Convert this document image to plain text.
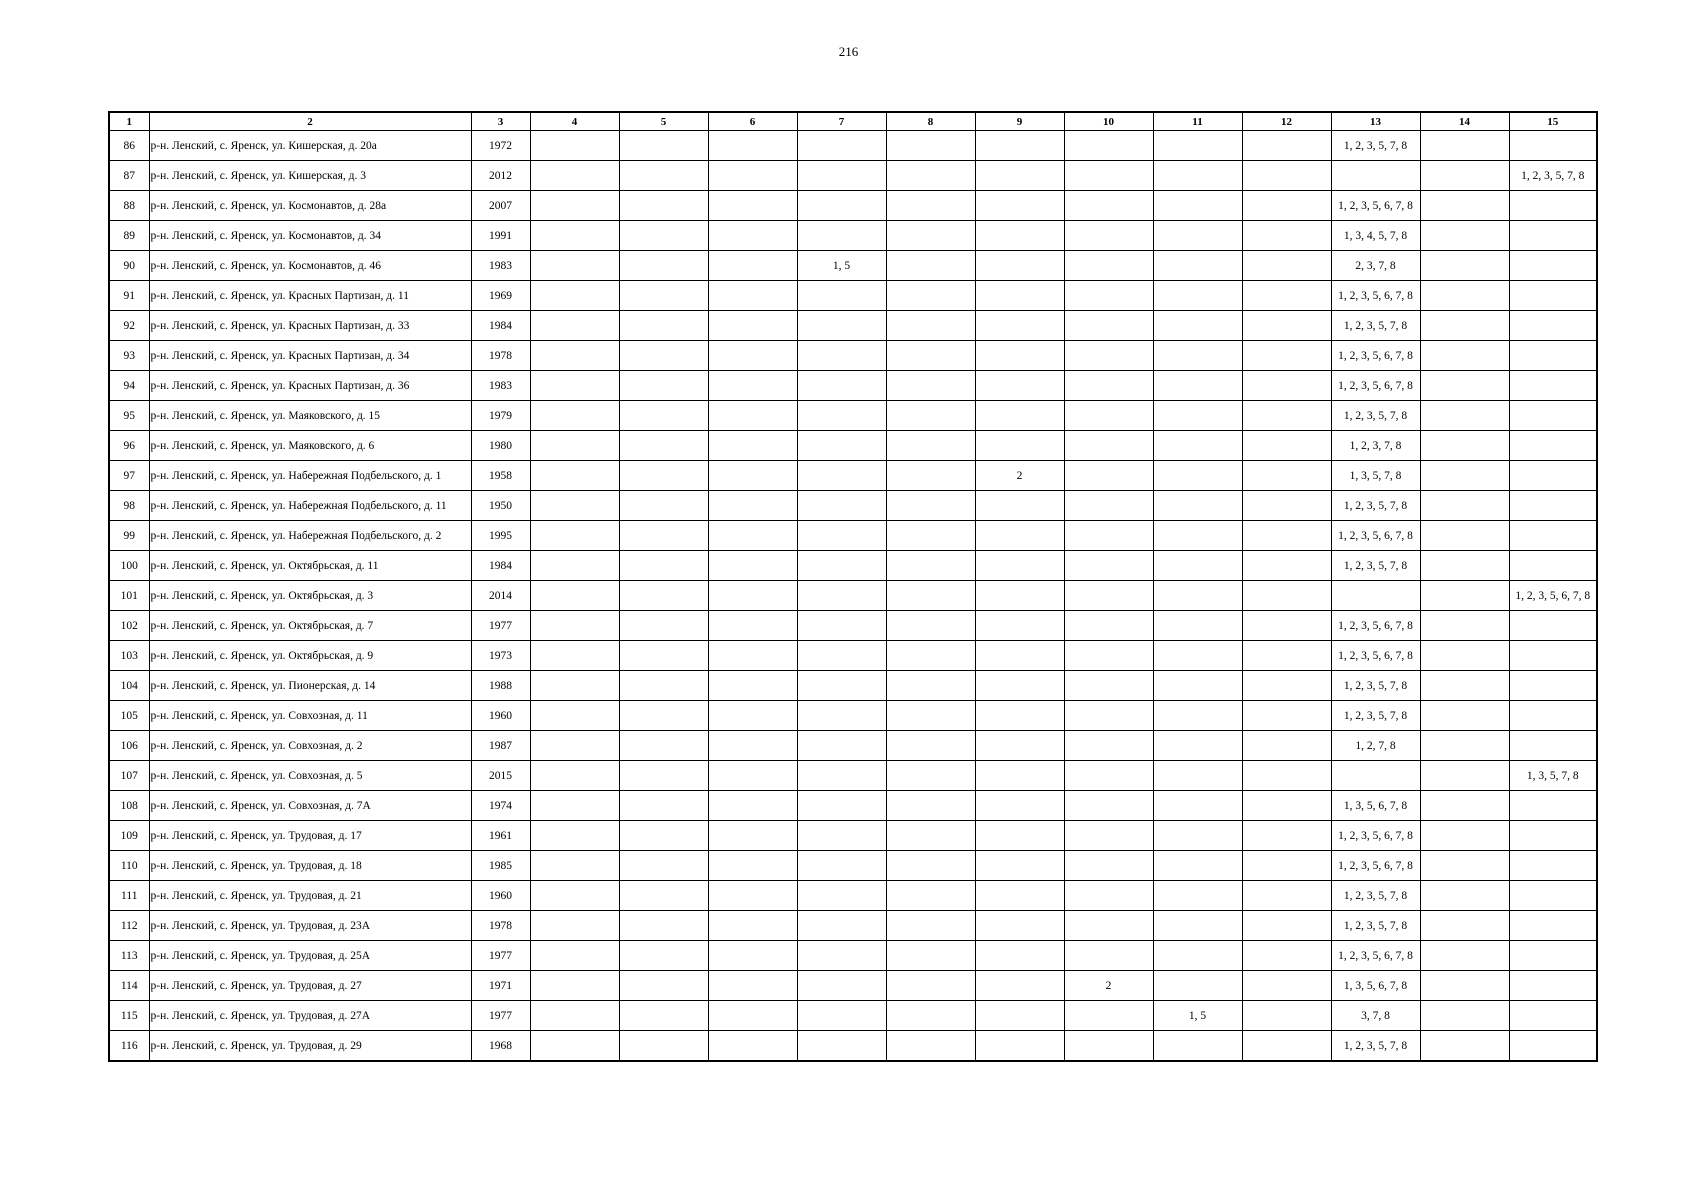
216
1	2	3	4	5	6	7	8	9	10	11	12	13	14	15
86	р-н. Ленский, с. Яренск, ул. Кишерская, д. 20а	1972										1, 2, 3, 5, 7, 8		
87	р-н. Ленский, с. Яренск, ул. Кишерская, д. 3	2012												1, 2, 3, 5, 7, 8
88	р-н. Ленский, с. Яренск, ул. Космонавтов, д. 28а	2007										1, 2, 3, 5, 6, 7, 8		
89	р-н. Ленский, с. Яренск, ул. Космонавтов, д. 34	1991										1, 3, 4, 5, 7, 8		
90	р-н. Ленский, с. Яренск, ул. Космонавтов, д. 46	1983				1, 5						2, 3, 7, 8		
91	р-н. Ленский, с. Яренск, ул. Красных Партизан, д. 11	1969										1, 2, 3, 5, 6, 7, 8		
92	р-н. Ленский, с. Яренск, ул. Красных Партизан, д. 33	1984										1, 2, 3, 5, 7, 8		
93	р-н. Ленский, с. Яренск, ул. Красных Партизан, д. 34	1978										1, 2, 3, 5, 6, 7, 8		
94	р-н. Ленский, с. Яренск, ул. Красных Партизан, д. 36	1983										1, 2, 3, 5, 6, 7, 8		
95	р-н. Ленский, с. Яренск, ул. Маяковского, д. 15	1979										1, 2, 3, 5, 7, 8		
96	р-н. Ленский, с. Яренск, ул. Маяковского, д. 6	1980										1, 2, 3, 7, 8		
97	р-н. Ленский, с. Яренск, ул. Набережная Подбельского, д. 1	1958						2				1, 3, 5, 7, 8		
98	р-н. Ленский, с. Яренск, ул. Набережная Подбельского, д. 11	1950										1, 2, 3, 5, 7, 8		
99	р-н. Ленский, с. Яренск, ул. Набережная Подбельского, д. 2	1995										1, 2, 3, 5, 6, 7, 8		
100	р-н. Ленский, с. Яренск, ул. Октябрьская, д. 11	1984										1, 2, 3, 5, 7, 8		
101	р-н. Ленский, с. Яренск, ул. Октябрьская, д. 3	2014												1, 2, 3, 5, 6, 7, 8
102	р-н. Ленский, с. Яренск, ул. Октябрьская, д. 7	1977										1, 2, 3, 5, 6, 7, 8		
103	р-н. Ленский, с. Яренск, ул. Октябрьская, д. 9	1973										1, 2, 3, 5, 6, 7, 8		
104	р-н. Ленский, с. Яренск, ул. Пионерская, д. 14	1988										1, 2, 3, 5, 7, 8		
105	р-н. Ленский, с. Яренск, ул. Совхозная, д. 11	1960										1, 2, 3, 5, 7, 8		
106	р-н. Ленский, с. Яренск, ул. Совхозная, д. 2	1987										1, 2, 7, 8		
107	р-н. Ленский, с. Яренск, ул. Совхозная, д. 5	2015												1, 3, 5, 7, 8
108	р-н. Ленский, с. Яренск, ул. Совхозная, д. 7А	1974										1, 3, 5, 6, 7, 8		
109	р-н. Ленский, с. Яренск, ул. Трудовая, д. 17	1961										1, 2, 3, 5, 6, 7, 8		
110	р-н. Ленский, с. Яренск, ул. Трудовая, д. 18	1985										1, 2, 3, 5, 6, 7, 8		
111	р-н. Ленский, с. Яренск, ул. Трудовая, д. 21	1960										1, 2, 3, 5, 7, 8		
112	р-н. Ленский, с. Яренск, ул. Трудовая, д. 23А	1978										1, 2, 3, 5, 7, 8		
113	р-н. Ленский, с. Яренск, ул. Трудовая, д. 25А	1977										1, 2, 3, 5, 6, 7, 8		
114	р-н. Ленский, с. Яренск, ул. Трудовая, д. 27	1971							2			1, 3, 5, 6, 7, 8		
115	р-н. Ленский, с. Яренск, ул. Трудовая, д. 27А	1977								1, 5		3, 7, 8		
116	р-н. Ленский, с. Яренск, ул. Трудовая, д. 29	1968										1, 2, 3, 5, 7, 8		
